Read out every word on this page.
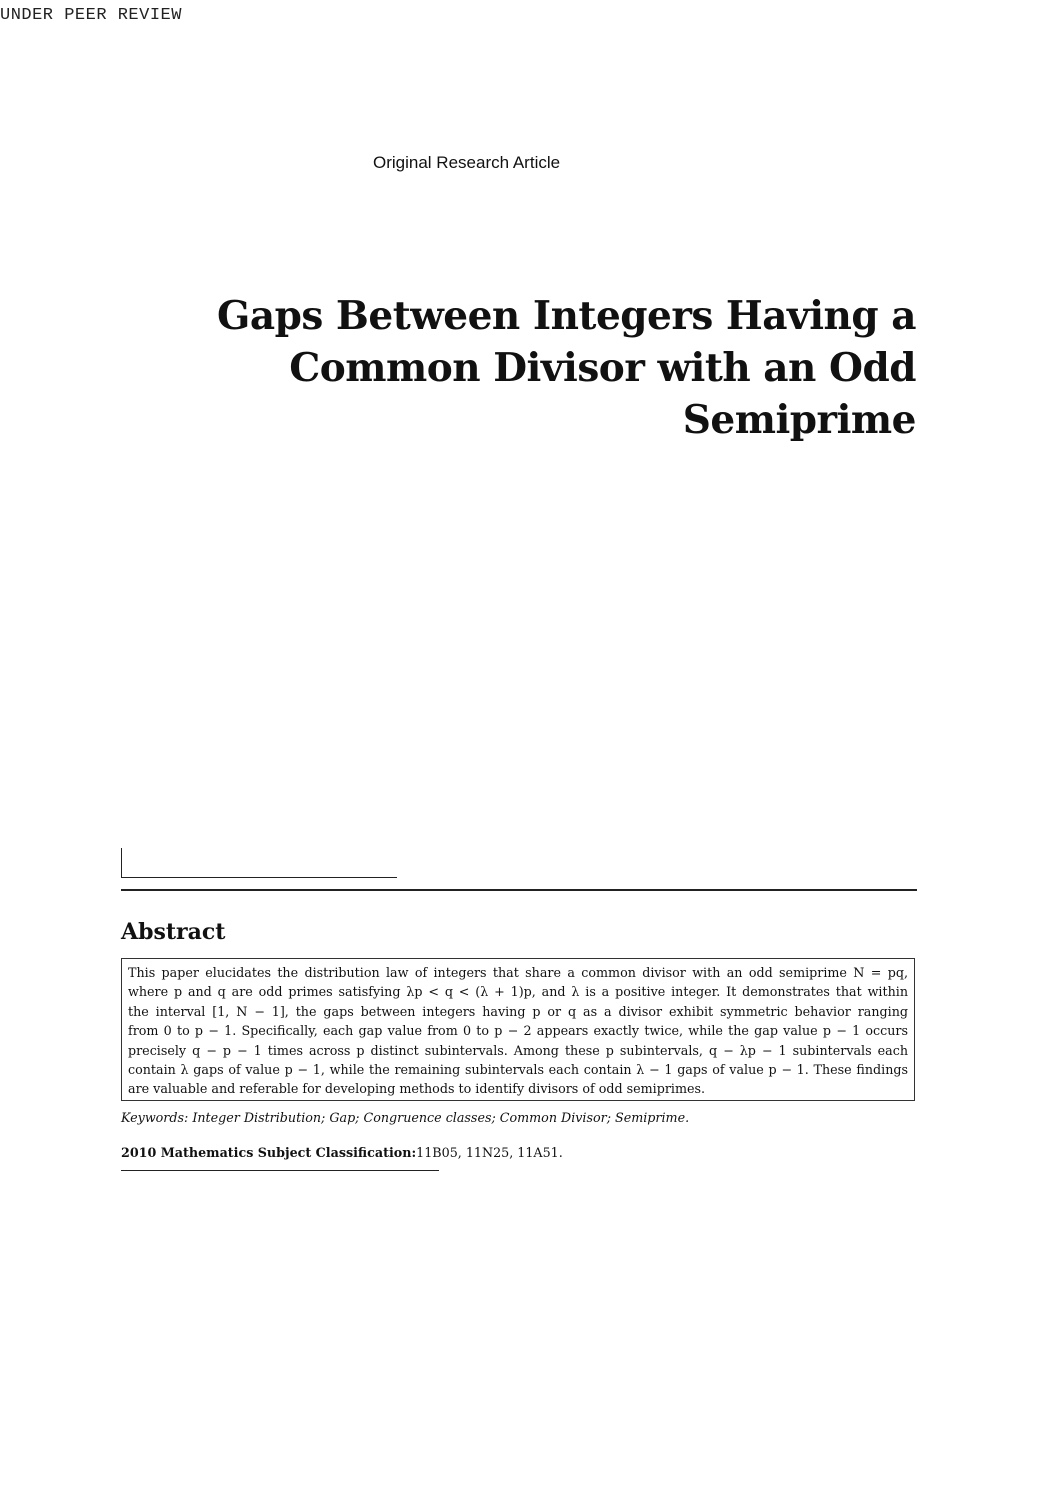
UNDER PEER REVIEW
Original Research Article
Gaps Between Integers Having a
Common Divisor with an Odd
Semiprime
Abstract
This paper elucidates the distribution law of integers that share a common divisor with an odd semiprime N = pq,
where p and q are odd primes satisfying λp < q < (λ + 1)p, and λ is a positive integer. It demonstrates that within
the interval [1, N − 1], the gaps between integers having p or q as a divisor exhibit symmetric behavior ranging
from 0 to p − 1. Specifically, each gap value from 0 to p − 2 appears exactly twice, while the gap value p − 1 occurs
precisely q − p − 1 times across p distinct subintervals. Among these p subintervals, q − λp − 1 subintervals each
contain λ gaps of value p − 1, while the remaining subintervals each contain λ − 1 gaps of value p − 1. These findings
are valuable and referable for developing methods to identify divisors of odd semiprimes.
Keywords: Integer Distribution; Gap; Congruence classes; Common Divisor; Semiprime.
2010 Mathematics Subject Classification:11B05, 11N25, 11A51.
